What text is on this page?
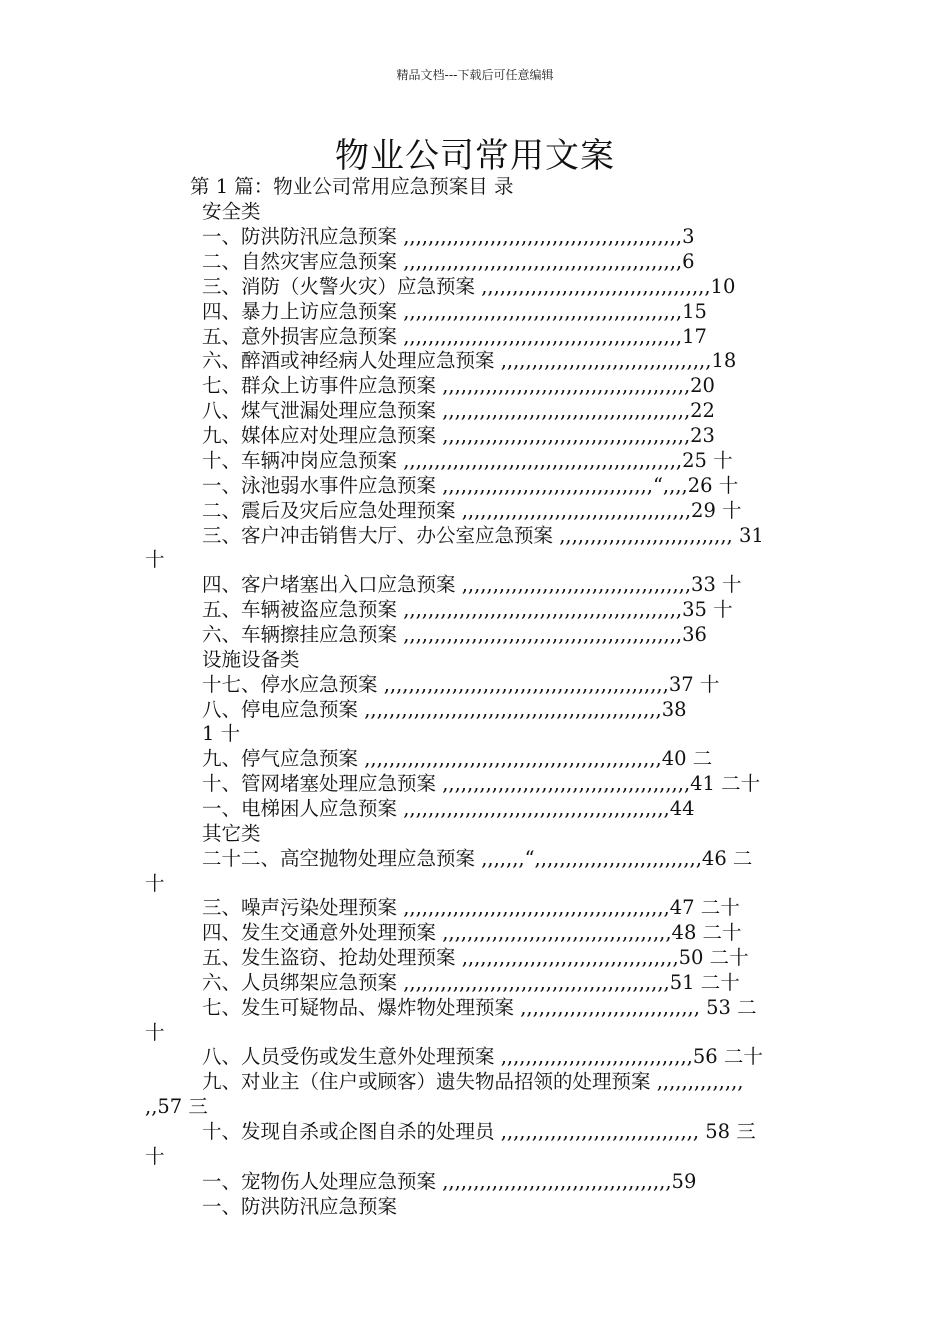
精品文档---下载后可任意编辑
物业公司常用文案
第 1 篇：物业公司常用应急预案目 录
安全类
一、防洪防汛应急预案 ,,,,,,,,,,,,,,,,,,,,,,,,,,,,,,,,,,,,,,,,,,,,,3
二、自然灾害应急预案 ,,,,,,,,,,,,,,,,,,,,,,,,,,,,,,,,,,,,,,,,,,,,,6
三、消防（火警火灾）应急预案 ,,,,,,,,,,,,,,,,,,,,,,,,,,,,,,,,,,,,,10
四、暴力上访应急预案 ,,,,,,,,,,,,,,,,,,,,,,,,,,,,,,,,,,,,,,,,,,,,,15
五、意外损害应急预案 ,,,,,,,,,,,,,,,,,,,,,,,,,,,,,,,,,,,,,,,,,,,,,17
六、醉酒或神经病人处理应急预案 ,,,,,,,,,,,,,,,,,,,,,,,,,,,,,,,,,,18
七、群众上访事件应急预案 ,,,,,,,,,,,,,,,,,,,,,,,,,,,,,,,,,,,,,,,,20
八、煤气泄漏处理应急预案 ,,,,,,,,,,,,,,,,,,,,,,,,,,,,,,,,,,,,,,,,22
九、媒体应对处理应急预案 ,,,,,,,,,,,,,,,,,,,,,,,,,,,,,,,,,,,,,,,,23
十、车辆冲岗应急预案 ,,,,,,,,,,,,,,,,,,,,,,,,,,,,,,,,,,,,,,,,,,,,,25 十
一、泳池弱水事件应急预案 ,,,,,,,,,,,,,,,,,,,,,,,,,,,,,,,,,,“,,,,26 十
二、震后及灾后应急处理预案 ,,,,,,,,,,,,,,,,,,,,,,,,,,,,,,,,,,,,,29 十
三、客户冲击销售大厅、办公室应急预案 ,,,,,,,,,,,,,,,,,,,,,,,,,,,, 31
十
四、客户堵塞出入口应急预案 ,,,,,,,,,,,,,,,,,,,,,,,,,,,,,,,,,,,,,33 十
五、车辆被盗应急预案 ,,,,,,,,,,,,,,,,,,,,,,,,,,,,,,,,,,,,,,,,,,,,,35 十
六、车辆擦挂应急预案 ,,,,,,,,,,,,,,,,,,,,,,,,,,,,,,,,,,,,,,,,,,,,,36
设施设备类
十七、停水应急预案 ,,,,,,,,,,,,,,,,,,,,,,,,,,,,,,,,,,,,,,,,,,,,,,37 十
八、停电应急预案 ,,,,,,,,,,,,,,,,,,,,,,,,,,,,,,,,,,,,,,,,,,,,,,,,38
1 十
九、停气应急预案 ,,,,,,,,,,,,,,,,,,,,,,,,,,,,,,,,,,,,,,,,,,,,,,,,40 二
十、管网堵塞处理应急预案 ,,,,,,,,,,,,,,,,,,,,,,,,,,,,,,,,,,,,,,,,41 二十
一、电梯困人应急预案 ,,,,,,,,,,,,,,,,,,,,,,,,,,,,,,,,,,,,,,,,,,,44
其它类
二十二、高空抛物处理应急预案 ,,,,,,,“,,,,,,,,,,,,,,,,,,,,,,,,,,,46 二
十
三、噪声污染处理预案 ,,,,,,,,,,,,,,,,,,,,,,,,,,,,,,,,,,,,,,,,,,,47 二十
四、发生交通意外处理预案 ,,,,,,,,,,,,,,,,,,,,,,,,,,,,,,,,,,,,,48 二十
五、发生盗窃、抢劫处理预案 ,,,,,,,,,,,,,,,,,,,,,,,,,,,,,,,,,,,50 二十
六、人员绑架应急预案 ,,,,,,,,,,,,,,,,,,,,,,,,,,,,,,,,,,,,,,,,,,,51 二十
七、发生可疑物品、爆炸物处理预案 ,,,,,,,,,,,,,,,,,,,,,,,,,,,,, 53 二
十
八、人员受伤或发生意外处理预案 ,,,,,,,,,,,,,,,,,,,,,,,,,,,,,,,56 二十
九、对业主（住户或顾客）遗失物品招领的处理预案 ,,,,,,,,,,,,,,
,,57 三
十、发现自杀或企图自杀的处理员 ,,,,,,,,,,,,,,,,,,,,,,,,,,,,,,,, 58 三
十
一、宠物伤人处理应急预案 ,,,,,,,,,,,,,,,,,,,,,,,,,,,,,,,,,,,,,59
一、防洪防汛应急预案
